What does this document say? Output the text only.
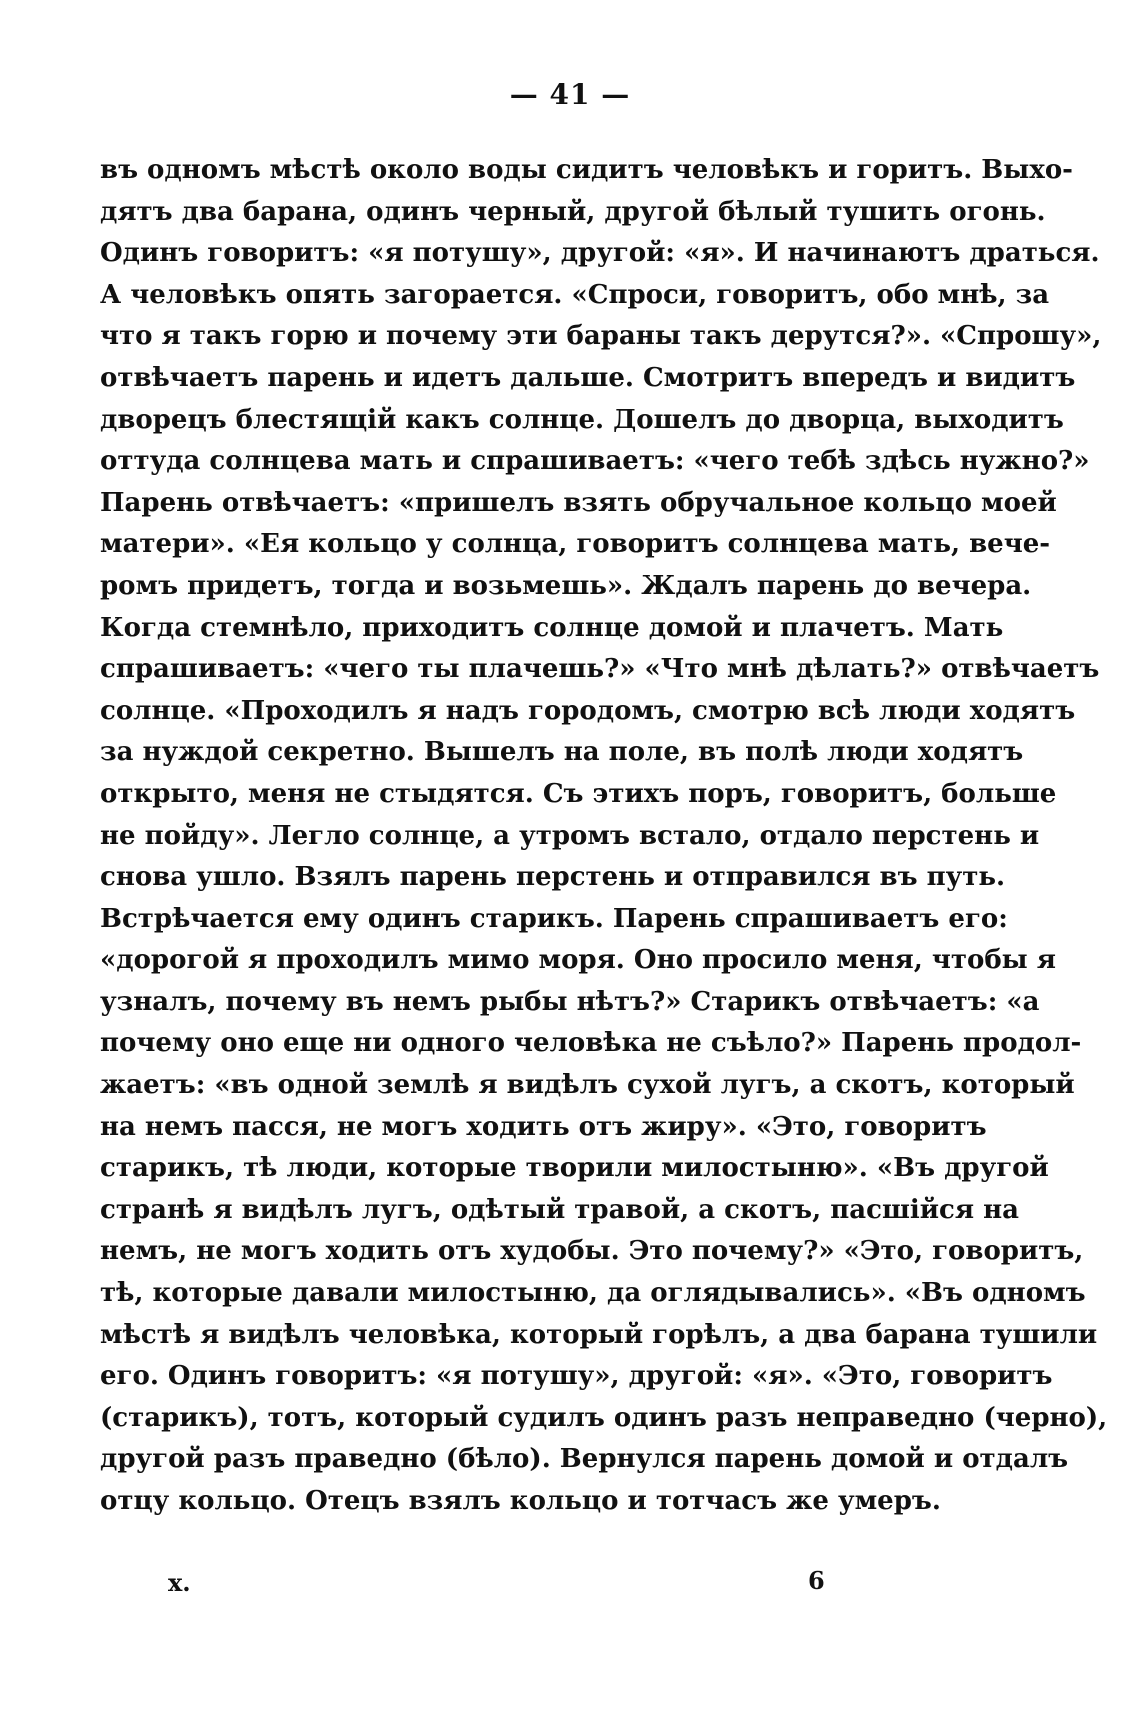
— 41 —
въ одномъ мѣстѣ около воды сидитъ человѣкъ и горитъ. Выхо-
дятъ два барана, одинъ черный, другой бѣлый тушить огонь.
Одинъ говоритъ: «я потушу», другой: «я». И начинаютъ драться.
А человѣкъ опять загорается. «Спроси, говоритъ, обо мнѣ, за
что я такъ горю и почему эти бараны такъ дерутся?». «Спрошу»,
отвѣчаетъ парень и идетъ дальше. Смотритъ впередъ и видитъ
дворецъ блестящій какъ солнце. Дошелъ до дворца, выходитъ
оттуда солнцева мать и спрашиваетъ: «чего тебѣ здѣсь нужно?»
Парень отвѣчаетъ: «пришелъ взять обручальное кольцо моей
матери». «Ея кольцо у солнца, говоритъ солнцева мать, вече-
ромъ придетъ, тогда и возьмешь». Ждалъ парень до вечера.
Когда стемнѣло, приходитъ солнце домой и плачетъ. Мать
спрашиваетъ: «чего ты плачешь?» «Что мнѣ дѣлать?» отвѣчаетъ
солнце. «Проходилъ я надъ городомъ, смотрю всѣ люди ходятъ
за нуждой секретно. Вышелъ на поле, въ полѣ люди ходятъ
открыто, меня не стыдятся. Съ этихъ поръ, говоритъ, больше
не пойду». Легло солнце, а утромъ встало, отдало перстень и
снова ушло. Взялъ парень перстень и отправился въ путь.
Встрѣчается ему одинъ старикъ. Парень спрашиваетъ его:
«дорогой я проходилъ мимо моря. Оно просило меня, чтобы я
узналъ, почему въ немъ рыбы нѣтъ?» Старикъ отвѣчаетъ: «а
почему оно еще ни одного человѣка не съѣло?» Парень продол-
жаетъ: «въ одной землѣ я видѣлъ сухой лугъ, а скотъ, который
на немъ пасся, не могъ ходить отъ жиру». «Это, говоритъ
старикъ, тѣ люди, которые творили милостыню». «Въ другой
странѣ я видѣлъ лугъ, одѣтый травой, а скотъ, пасшійся на
немъ, не могъ ходить отъ худобы. Это почему?» «Это, говоритъ,
тѣ, которые давали милостыню, да оглядывались». «Въ одномъ
мѣстѣ я видѣлъ человѣка, который горѣлъ, а два барана тушили
его. Одинъ говоритъ: «я потушу», другой: «я». «Это, говоритъ
(старикъ), тотъ, который судилъ одинъ разъ неправедно (черно),
другой разъ праведно (бѣло). Вернулся парень домой и отдалъ
отцу кольцо. Отецъ взялъ кольцо и тотчасъ же умеръ.
x.	6
